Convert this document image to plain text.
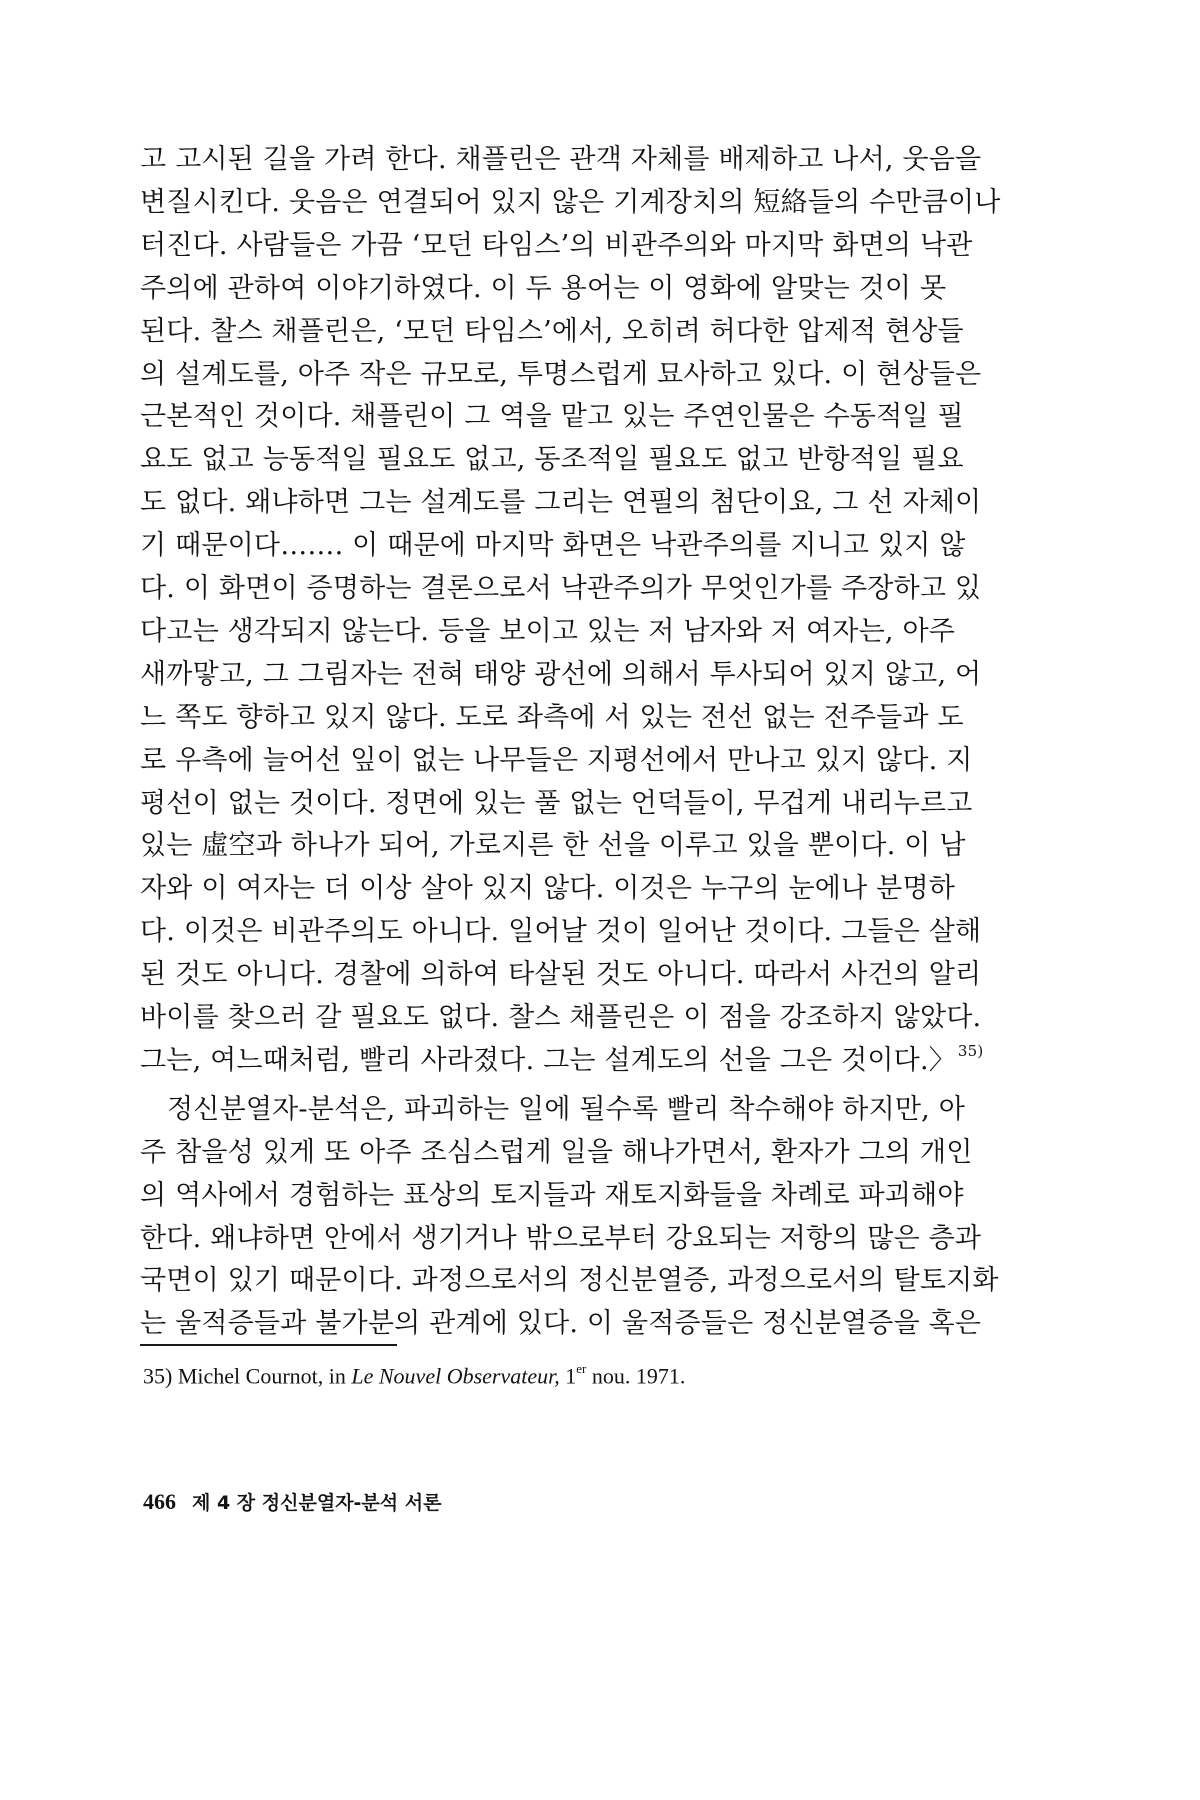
고 고시된 길을 가려 한다. 채플린은 관객 자체를 배제하고 나서, 웃음을
변질시킨다. 웃음은 연결되어 있지 않은 기계장치의 短絡들의 수만큼이나
터진다. 사람들은 가끔 ‘모던 타임스’의 비관주의와 마지막 화면의 낙관
주의에 관하여 이야기하였다. 이 두 용어는 이 영화에 알맞는 것이 못
된다. 찰스 채플린은, ‘모던 타임스’에서, 오히려 허다한 압제적 현상들
의 설계도를, 아주 작은 규모로, 투명스럽게 묘사하고 있다. 이 현상들은
근본적인 것이다. 채플린이 그 역을 맡고 있는 주연인물은 수동적일 필
요도 없고 능동적일 필요도 없고, 동조적일 필요도 없고 반항적일 필요
도 없다. 왜냐하면 그는 설계도를 그리는 연필의 첨단이요, 그 선 자체이
기 때문이다……. 이 때문에 마지막 화면은 낙관주의를 지니고 있지 않
다. 이 화면이 증명하는 결론으로서 낙관주의가 무엇인가를 주장하고 있
다고는 생각되지 않는다. 등을 보이고 있는 저 남자와 저 여자는, 아주
새까맣고, 그 그림자는 전혀 태양 광선에 의해서 투사되어 있지 않고, 어
느 쪽도 향하고 있지 않다. 도로 좌측에 서 있는 전선 없는 전주들과 도
로 우측에 늘어선 잎이 없는 나무들은 지평선에서 만나고 있지 않다. 지
평선이 없는 것이다. 정면에 있는 풀 없는 언덕들이, 무겁게 내리누르고
있는 虛空과 하나가 되어, 가로지른 한 선을 이루고 있을 뿐이다. 이 남
자와 이 여자는 더 이상 살아 있지 않다. 이것은 누구의 눈에나 분명하
다. 이것은 비관주의도 아니다. 일어날 것이 일어난 것이다. 그들은 살해
된 것도 아니다. 경찰에 의하여 타살된 것도 아니다. 따라서 사건의 알리
바이를 찾으러 갈 필요도 없다. 찰스 채플린은 이 점을 강조하지 않았다.
그는, 여느때처럼, 빨리 사라졌다. 그는 설계도의 선을 그은 것이다.〉 $^{35)}$
정신분열자-분석은, 파괴하는 일에 될수록 빨리 착수해야 하지만, 아
주 참을성 있게 또 아주 조심스럽게 일을 해나가면서, 환자가 그의 개인
의 역사에서 경험하는 표상의 토지들과 재토지화들을 차례로 파괴해야
한다. 왜냐하면 안에서 생기거나 밖으로부터 강요되는 저항의 많은 층과
국면이 있기 때문이다. 과정으로서의 정신분열증, 과정으로서의 탈토지화
는 울적증들과 불가분의 관계에 있다. 이 울적증들은 정신분열증을 혹은
35) Michel Cournot, in Le Nouvel Observateur, 1er nou. 1971.
466 제 4 장 정신분열자-분석 서론
